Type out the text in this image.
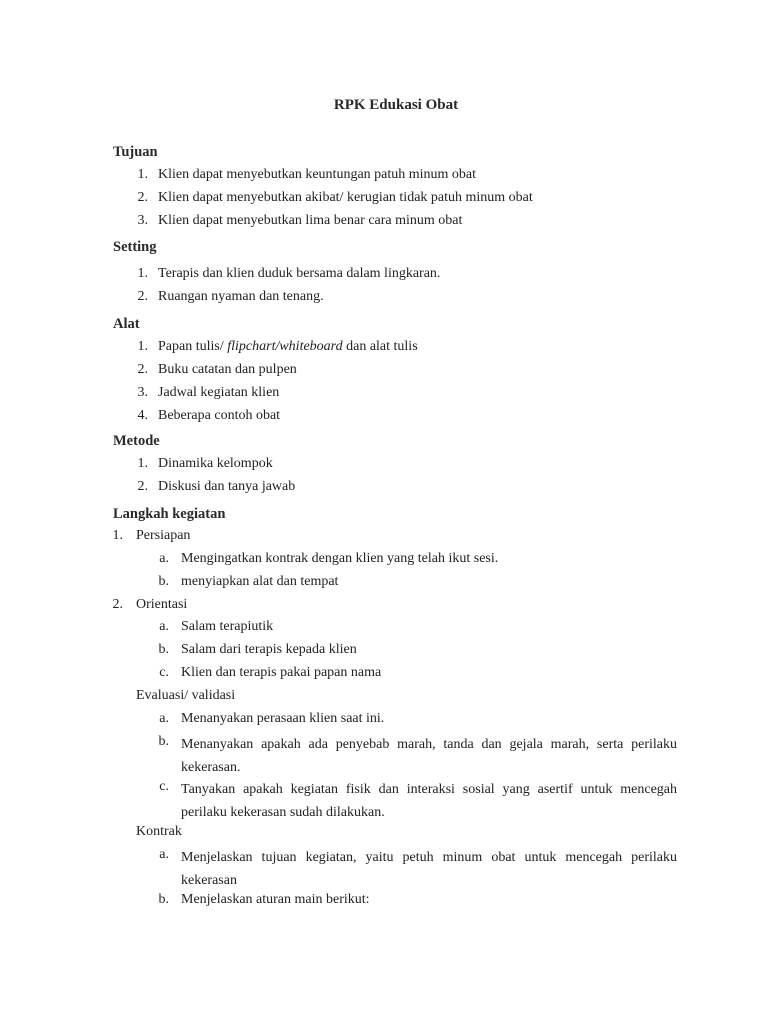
RPK Edukasi Obat
Tujuan
1. Klien dapat menyebutkan keuntungan patuh minum obat
2. Klien dapat menyebutkan akibat/ kerugian tidak patuh minum obat
3. Klien dapat menyebutkan lima benar cara minum obat
Setting
1. Terapis dan klien duduk bersama dalam lingkaran.
2. Ruangan nyaman dan tenang.
Alat
1. Papan tulis/ flipchart/whiteboard dan alat tulis
2. Buku catatan dan pulpen
3. Jadwal kegiatan klien
4. Beberapa contoh obat
Metode
1. Dinamika kelompok
2. Diskusi dan tanya jawab
Langkah kegiatan
1. Persiapan
a. Mengingatkan kontrak dengan klien yang telah ikut sesi.
b. menyiapkan alat dan tempat
2. Orientasi
a. Salam terapiutik
b. Salam dari terapis kepada klien
c. Klien dan terapis pakai papan nama
Evaluasi/ validasi
a. Menanyakan perasaan klien saat ini.
b. Menanyakan apakah ada penyebab marah, tanda dan gejala marah, serta perilaku kekerasan.
c. Tanyakan apakah kegiatan fisik dan interaksi sosial yang asertif untuk mencegah perilaku kekerasan sudah dilakukan.
Kontrak
a. Menjelaskan tujuan kegiatan, yaitu petuh minum obat untuk mencegah perilaku kekerasan
b. Menjelaskan aturan main berikut:
